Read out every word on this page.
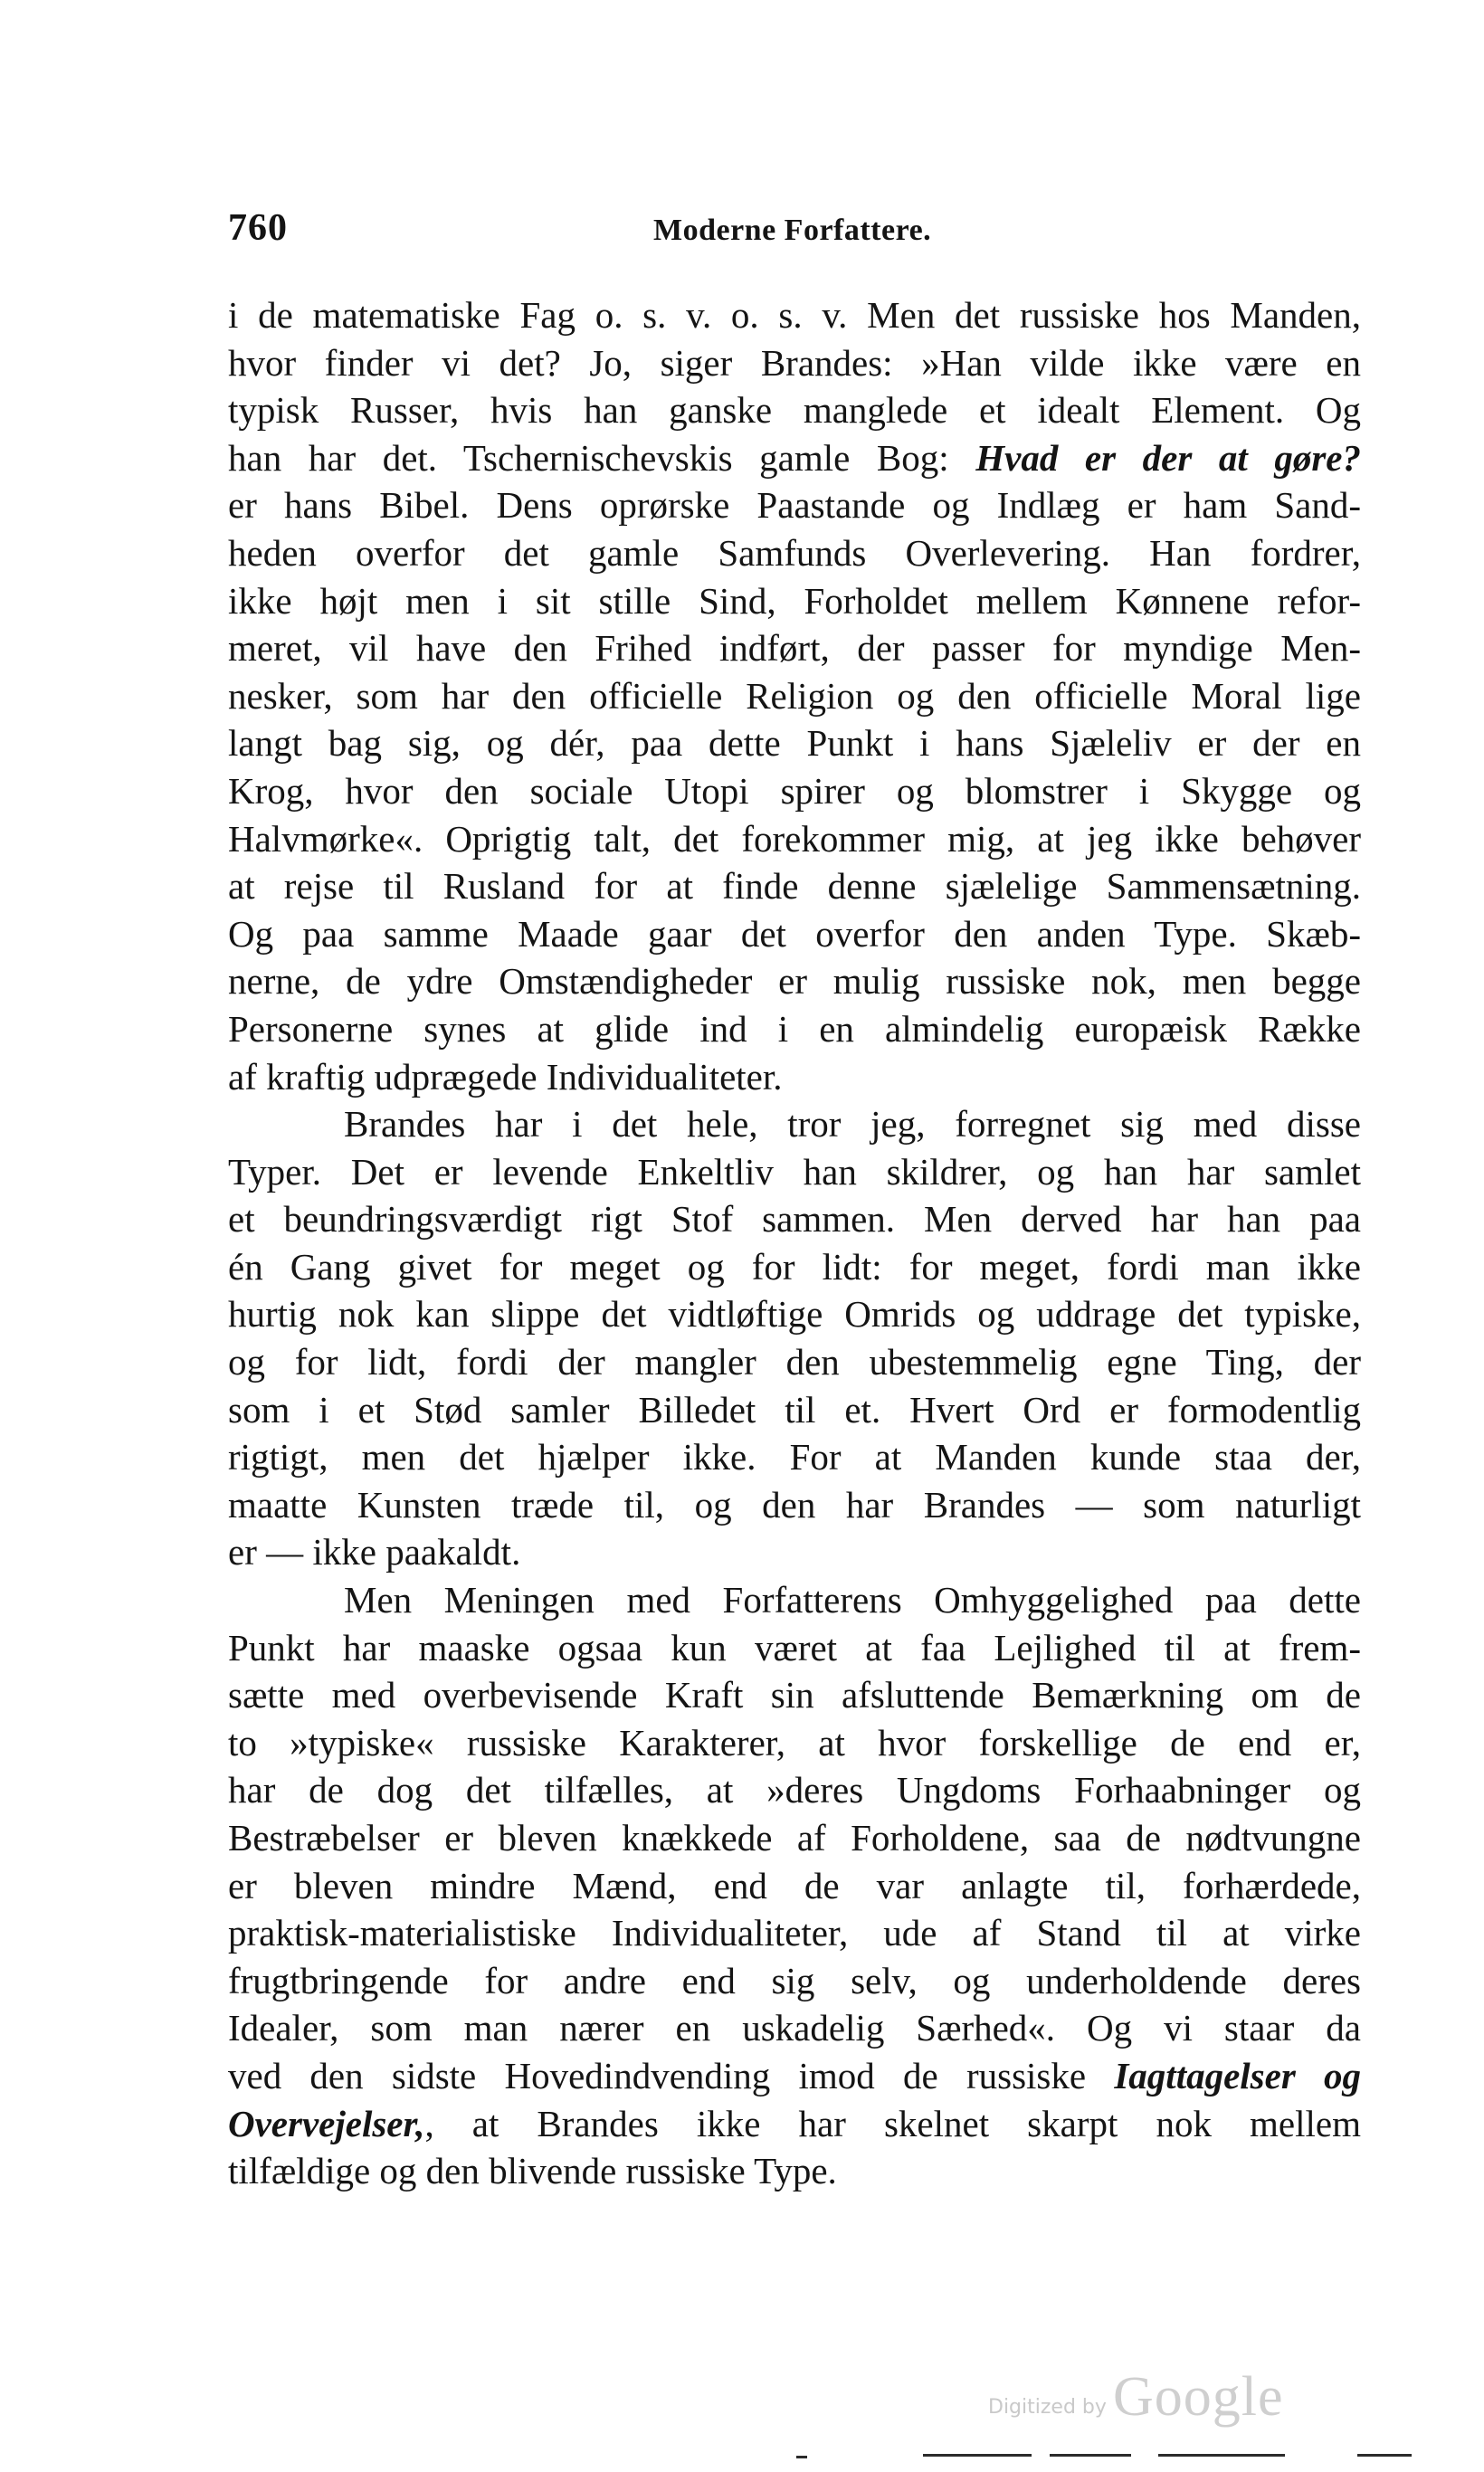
760	Moderne Forfattere.
i de matematiske Fag o. s. v. o. s. v. Men det russiske hos Manden,
hvor finder vi det? Jo, siger Brandes: »Han vilde ikke være en
typisk Russer, hvis han ganske manglede et idealt Element. Og
han har det. Tschernischevskis gamle Bog: Hvad er der at gøre?
er hans Bibel. Dens oprørske Paastande og Indlæg er ham Sand-
heden overfor det gamle Samfunds Overlevering. Han fordrer,
ikke højt men i sit stille Sind, Forholdet mellem Kønnene refor-
meret, vil have den Frihed indført, der passer for myndige Men-
nesker, som har den officielle Religion og den officielle Moral lige
langt bag sig, og dér, paa dette Punkt i hans Sjæleliv er der en
Krog, hvor den sociale Utopi spirer og blomstrer i Skygge og
Halvmørke«. Oprigtig talt, det forekommer mig, at jeg ikke behøver
at rejse til Rusland for at finde denne sjælelige Sammensætning.
Og paa samme Maade gaar det overfor den anden Type. Skæb-
nerne, de ydre Omstændigheder er mulig russiske nok, men begge
Personerne synes at glide ind i en almindelig europæisk Række
af kraftig udprægede Individualiteter.
Brandes har i det hele, tror jeg, forregnet sig med disse
Typer. Det er levende Enkeltliv han skildrer, og han har samlet
et beundringsværdigt rigt Stof sammen. Men derved har han paa
én Gang givet for meget og for lidt: for meget, fordi man ikke
hurtig nok kan slippe det vidtløftige Omrids og uddrage det typiske,
og for lidt, fordi der mangler den ubestemmelig egne Ting, der
som i et Stød samler Billedet til et. Hvert Ord er formodentlig
rigtigt, men det hjælper ikke. For at Manden kunde staa der,
maatte Kunsten træde til, og den har Brandes — som naturligt
er — ikke paakaldt.
Men Meningen med Forfatterens Omhyggelighed paa dette
Punkt har maaske ogsaa kun været at faa Lejlighed til at frem-
sætte med overbevisende Kraft sin afsluttende Bemærkning om de
to »typiske« russiske Karakterer, at hvor forskellige de end er,
har de dog det tilfælles, at »deres Ungdoms Forhaabninger og
Bestræbelser er bleven knækkede af Forholdene, saa de nødtvungne
er bleven mindre Mænd, end de var anlagte til, forhærdede,
praktisk-materialistiske Individualiteter, ude af Stand til at virke
frugtbringende for andre end sig selv, og underholdende deres
Idealer, som man nærer en uskadelig Særhed«. Og vi staar da
ved den sidste Hovedindvending imod de russiske Iagttagelser og
Overvejelser,, at Brandes ikke har skelnet skarpt nok mellem
tilfældige og den blivende russiske Type.
Digitized by Google
